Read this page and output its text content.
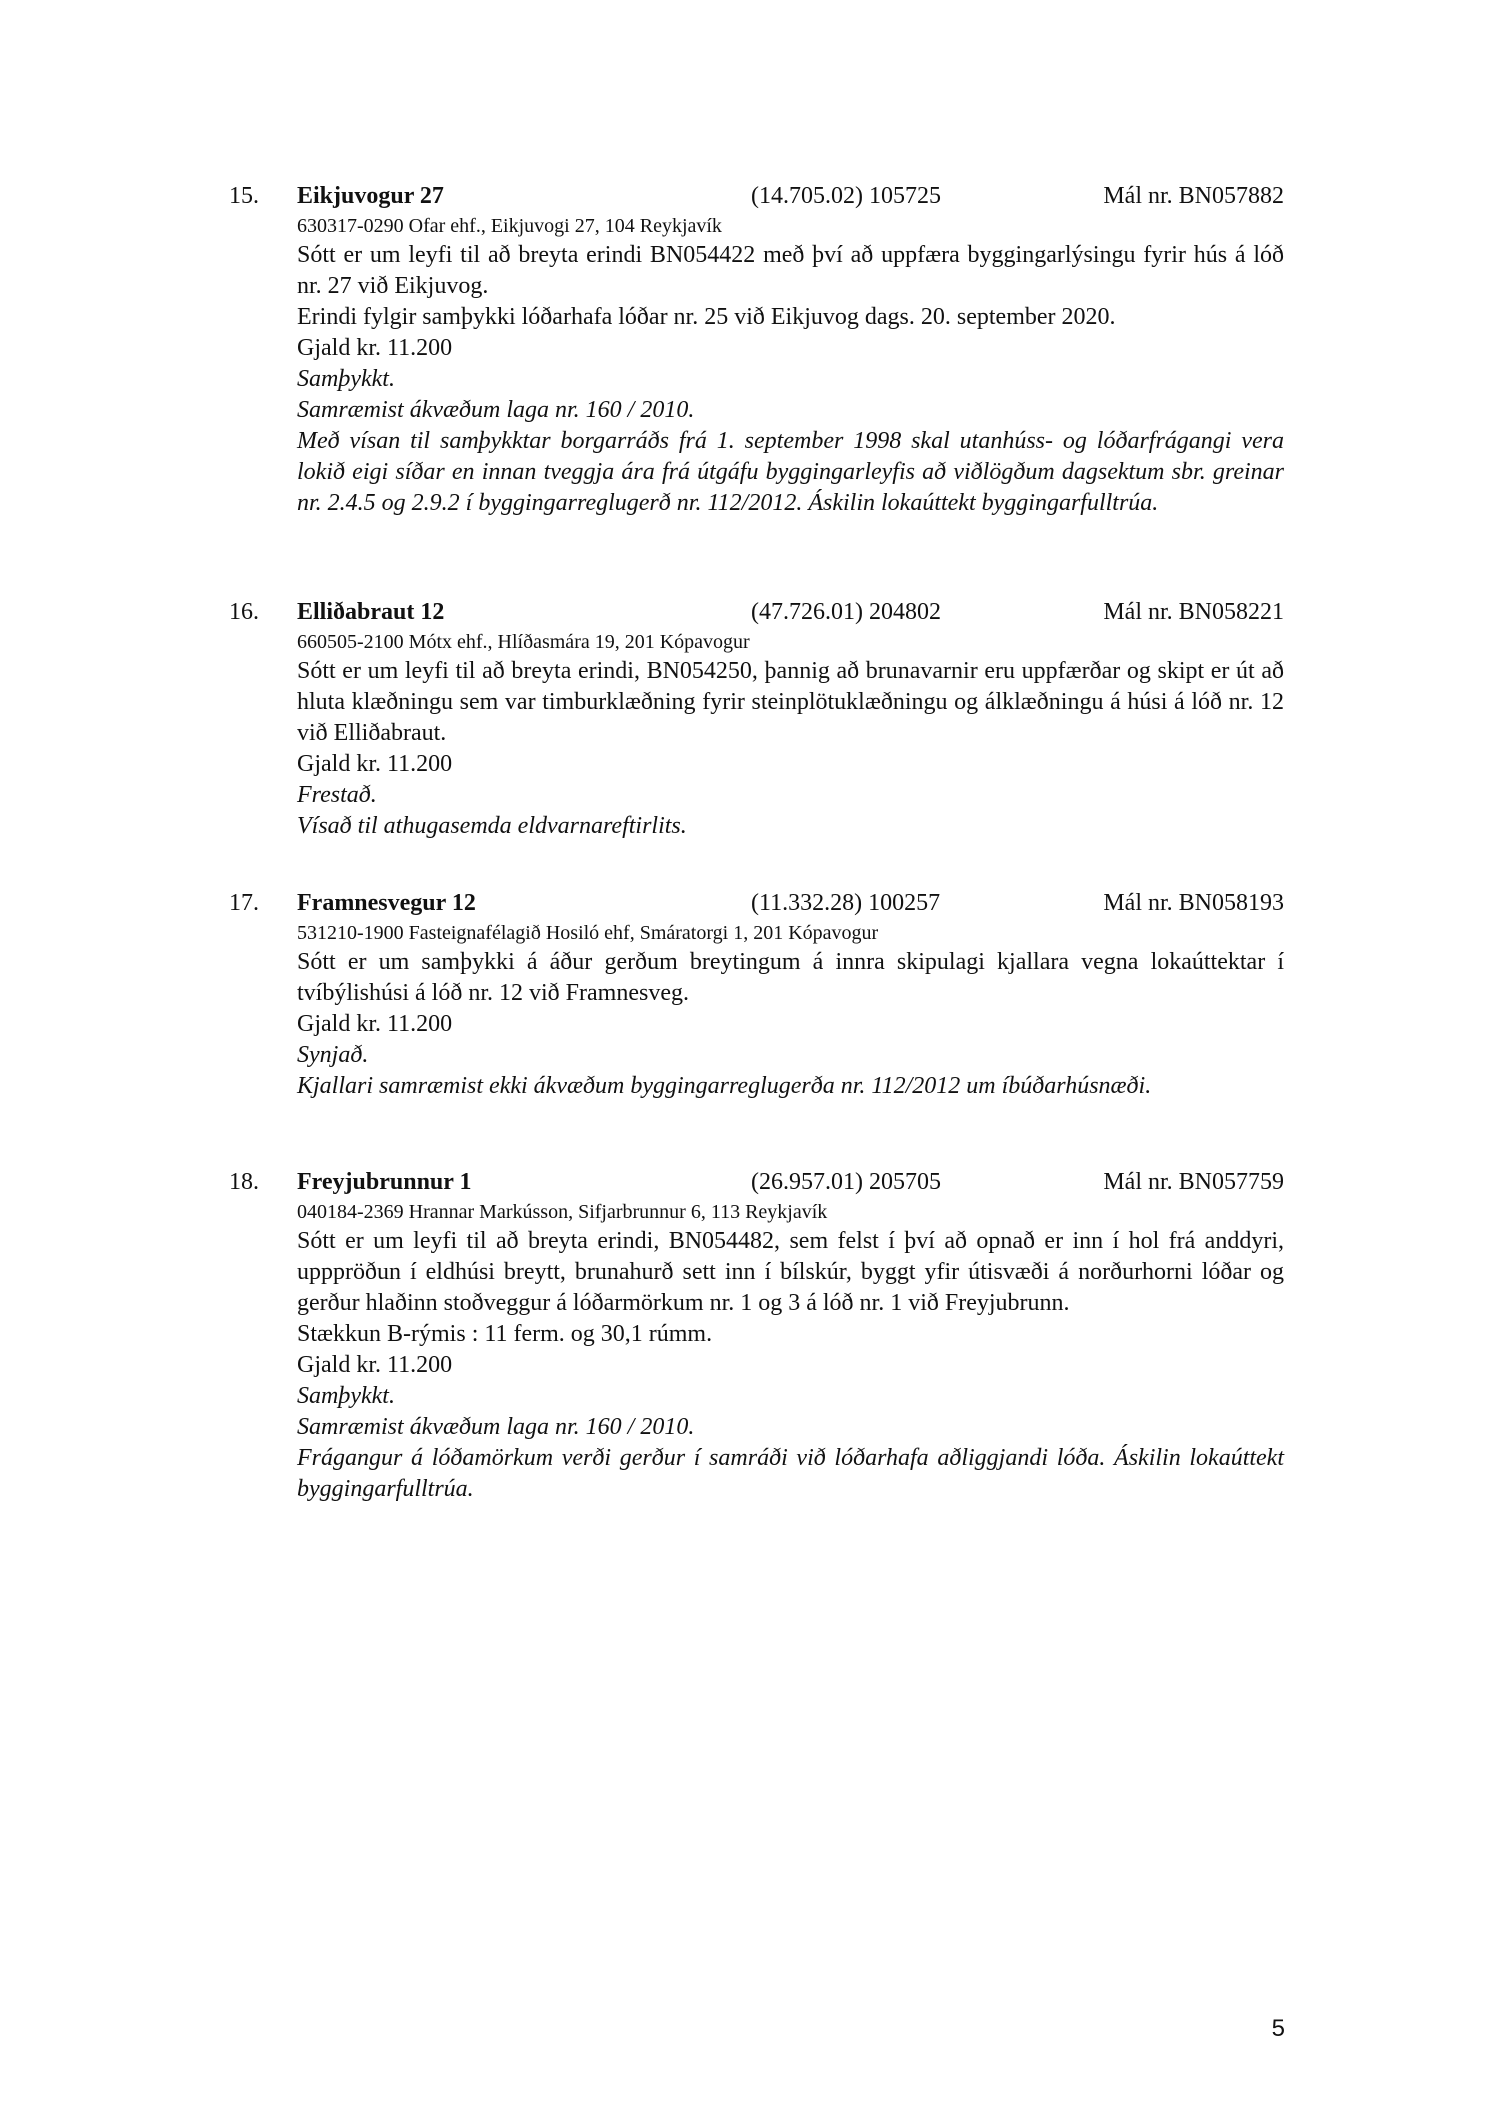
15. Eikjuvogur 27	(14.705.02) 105725	Mál nr. BN057882
630317-0290 Ofar ehf., Eikjuvogi 27, 104 Reykjavík

Sótt er um leyfi til að breyta erindi BN054422 með því að uppfæra byggingarlýsingu fyrir hús á lóð nr. 27 við Eikjuvog.

Erindi fylgir samþykki lóðarhafa lóðar nr. 25 við Eikjuvog dags. 20. september 2020.

Gjald kr. 11.200

Samþykkt.

Samræmist ákvæðum laga nr. 160 / 2010.

Með vísan til samþykktar borgarráðs frá 1. september 1998 skal utanhúss- og lóðarfrágangi vera lokið eigi síðar en innan tveggja ára frá útgáfu byggingarleyfis að viðlögðum dagsektum sbr. greinar nr. 2.4.5 og 2.9.2 í byggingarreglugerð nr. 112/2012. Áskilin lokaúttekt byggingarfulltrúa.

16. Elliðabraut 12	(47.726.01) 204802	Mál nr. BN058221
660505-2100 Mótx ehf., Hlíðasmára 19, 201 Kópavogur

Sótt er um leyfi til að breyta erindi, BN054250, þannig að brunavarnir eru uppfærðar og skipt er út að hluta klæðningu sem var timburklæðning fyrir steinplötuklæðningu og álklæðningu á húsi á lóð nr. 12 við Elliðabraut.

Gjald kr. 11.200

Frestað.

Vísað til athugasemda eldvarnareftirlits.

17. Framnesvegur 12	(11.332.28) 100257	Mál nr. BN058193
531210-1900 Fasteignafélagið Hosiló ehf, Smáratorgi 1, 201 Kópavogur

Sótt er um samþykki á áður gerðum breytingum á innra skipulagi kjallara vegna lokaúttektar í tvíbýlishúsi á lóð nr. 12 við Framnesveg.

Gjald kr. 11.200

Synjað.

Kjallari samræmist ekki ákvæðum byggingarreglugerða nr. 112/2012 um íbúðarhúsnæði.

18. Freyjubrunnur 1	(26.957.01) 205705	Mál nr. BN057759
040184-2369 Hrannar Markússon, Sifjarbrunnur 6, 113 Reykjavík

Sótt er um leyfi til að breyta erindi, BN054482, sem felst í því að opnað er inn í hol frá anddyri, upppröðun í eldhúsi breytt, brunahurð sett inn í bílskúr, byggt yfir útisvæði á norðurhorni lóðar og gerður hlaðinn stoðveggur á lóðarmörkum nr. 1 og 3 á lóð nr. 1 við Freyjubrunn.

Stækkun B-rýmis : 11 ferm. og 30,1 rúmm.

Gjald kr. 11.200

Samþykkt.

Samræmist ákvæðum laga nr. 160 / 2010.

Frágangur á lóðamörkum verði gerður í samráði við lóðarhafa aðliggjandi lóða. Áskilin lokaúttekt byggingarfulltrúa.

5
